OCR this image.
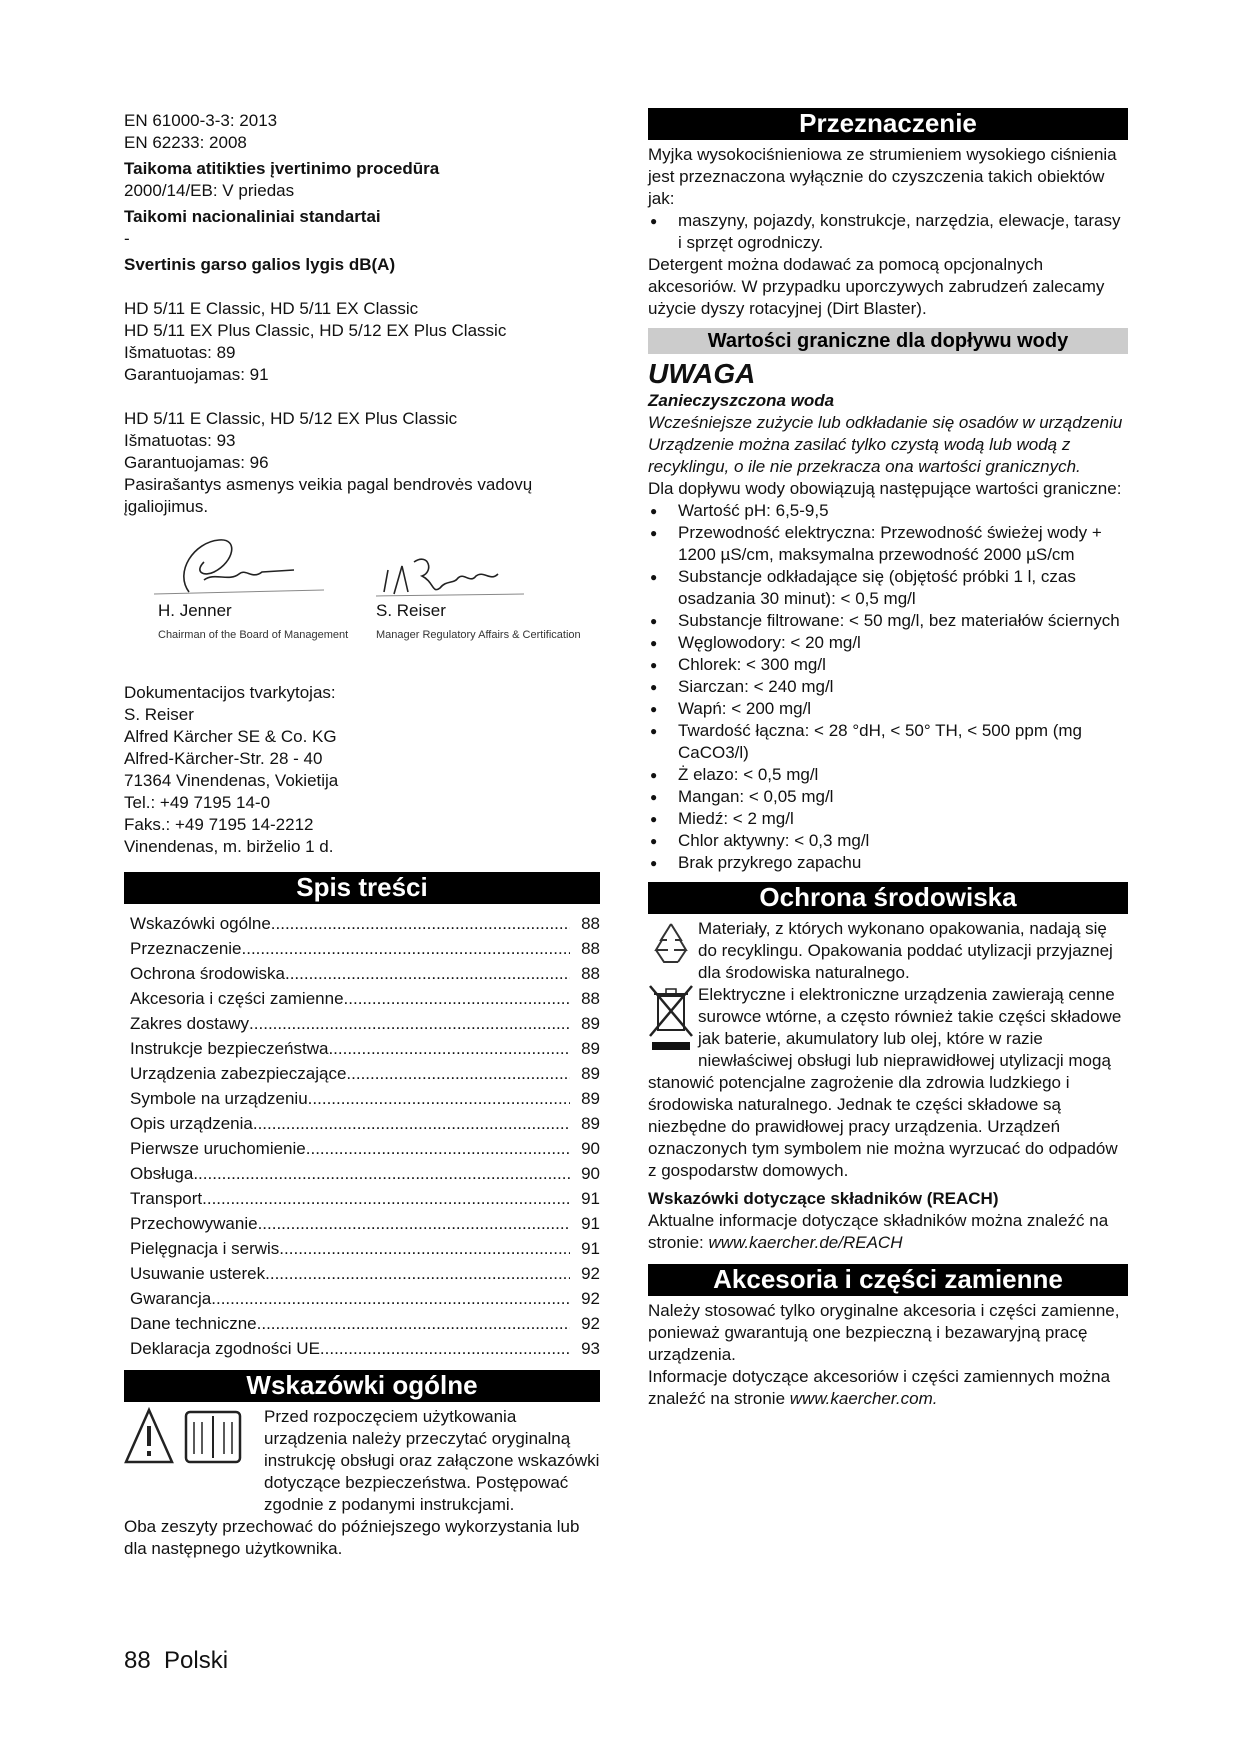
EN 61000-3-3: 2013

EN 62233: 2008

Taikoma atitikties įvertinimo procedūra

2000/14/EB: V priedas

Taikomi nacionaliniai standartai

-

Svertinis garso galios lygis dB(A)

HD 5/11 E Classic, HD 5/11 EX Classic

HD 5/11 EX Plus Classic, HD 5/12 EX Plus Classic

Išmatuotas: 89

Garantuojamas: 91

HD 5/11 E Classic, HD 5/12 EX Plus Classic

Išmatuotas: 93

Garantuojamas: 96

Pasirašantys asmenys veikia pagal bendrovės vadovų įgaliojimus.

H. Jenner
Chairman of the Board of Management
S. Reiser
Manager Regulatory Affairs & Certification

Dokumentacijos tvarkytojas:

S. Reiser

Alfred Kärcher SE & Co. KG

Alfred-Kärcher-Str. 28 - 40

71364 Vinendenas, Vokietija

Tel.: +49 7195 14-0

Faks.: +49 7195 14-2212

Vinendenas, m. birželio 1 d.

Spis treści
Wskazówki ogólne .....	88
Przeznaczenie .....	88
Ochrona środowiska .....	88
Akcesoria i części zamienne .....	88
Zakres dostawy .....	89
Instrukcje bezpieczeństwa .....	89
Urządzenia zabezpieczające .....	89
Symbole na urządzeniu .....	89
Opis urządzenia .....	89
Pierwsze uruchomienie .....	90
Obsługa .....	90
Transport .....	91
Przechowywanie .....	91
Pielęgnacja i serwis .....	91
Usuwanie usterek .....	92
Gwarancja .....	92
Dane techniczne .....	92
Deklaracja zgodności UE .....	93
Wskazówki ogólne

Przed rozpoczęciem użytkowania urządzenia należy przeczytać oryginalną instrukcję obsługi oraz załączone wskazówki dotyczące bezpieczeństwa. Postępować zgodnie z podanymi instrukcjami.

Oba zeszyty przechować do późniejszego wykorzystania lub dla następnego użytkownika.

Przeznaczenie

Myjka wysokociśnieniowa ze strumieniem wysokiego ciśnienia jest przeznaczona wyłącznie do czyszczenia takich obiektów jak:

● maszyny, pojazdy, konstrukcje, narzędzia, elewacje, tarasy i sprzęt ogrodniczy.

Detergent można dodawać za pomocą opcjonalnych akcesoriów. W przypadku uporczywych zabrudzeń zalecamy użycie dyszy rotacyjnej (Dirt Blaster).

Wartości graniczne dla dopływu wody

UWAGA

Zanieczyszczona woda

Wcześniejsze zużycie lub odkładanie się osadów w urządzeniu

Urządzenie można zasilać tylko czystą wodą lub wodą z recyklingu, o ile nie przekracza ona wartości granicznych.

Dla dopływu wody obowiązują następujące wartości graniczne:

● Wartość pH: 6,5-9,5
● Przewodność elektryczna: Przewodność świeżej wody + 1200 µS/cm, maksymalna przewodność 2000 µS/cm
● Substancje odkładające się (objętość próbki 1 l, czas osadzania 30 minut): < 0,5 mg/l
● Substancje filtrowane: < 50 mg/l, bez materiałów ściernych
● Węglowodory: < 20 mg/l
● Chlorek: < 300 mg/l
● Siarczan: < 240 mg/l
● Wapń: < 200 mg/l
● Twardość łączna: < 28 °dH, < 50° TH, < 500 ppm (mg CaCO3/l)
● Ż elazo: < 0,5 mg/l
● Mangan: < 0,05 mg/l
● Miedź: < 2 mg/l
● Chlor aktywny: < 0,3 mg/l
● Brak przykrego zapachu
Ochrona środowiska

Materiały, z których wykonano opakowania, nadają się do recyklingu. Opakowania poddać utylizacji przyjaznej dla środowiska naturalnego.

Elektryczne i elektroniczne urządzenia zawierają cenne surowce wtórne, a często również takie części składowe jak baterie, akumulatory lub olej, które w razie niewłaściwej obsługi lub nieprawidłowej utylizacji mogą stanowić potencjalne zagrożenie dla zdrowia ludzkiego i środowiska naturalnego. Jednak te części składowe są niezbędne do prawidłowej pracy urządzenia. Urządzeń oznaczonych tym symbolem nie można wyrzucać do odpadów z gospodarstw domowych.

Wskazówki dotyczące składników (REACH)

Aktualne informacje dotyczące składników można znaleźć na stronie: www.kaercher.de/REACH

Akcesoria i części zamienne

Należy stosować tylko oryginalne akcesoria i części zamienne, ponieważ gwarantują one bezpieczną i bezawaryjną pracę urządzenia.

Informacje dotyczące akcesoriów i części zamiennych można znaleźć na stronie www.kaercher.com.

88 Polski
